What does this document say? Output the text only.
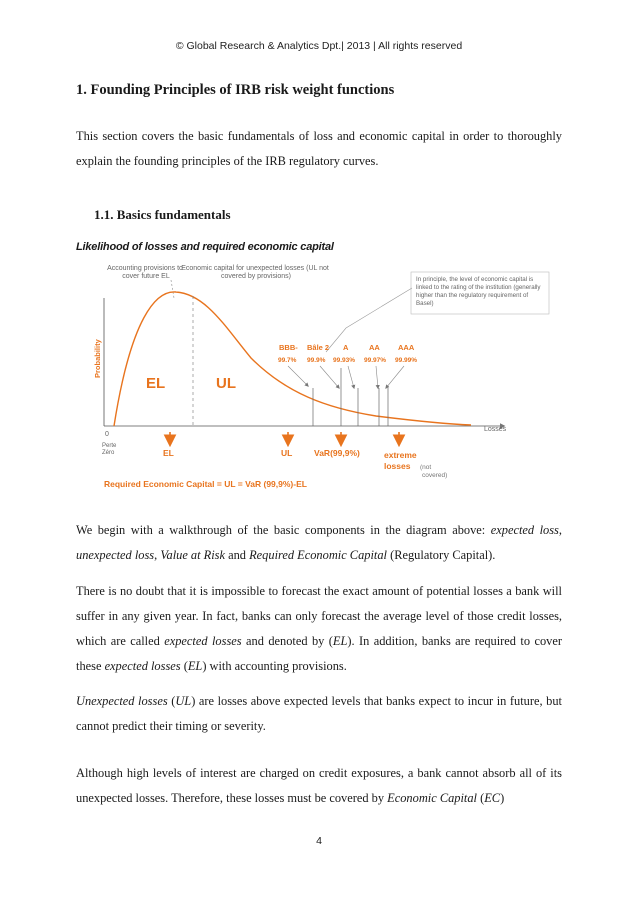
© Global Research & Analytics Dpt.| 2013 | All rights reserved
1. Founding Principles of IRB risk weight functions

This section covers the basic fundamentals of loss and economic capital in order to thoroughly explain the founding principles of the IRB regulatory curves.

1.1. Basics fundamentals
Likelihood of losses and required economic capital
Accounting provisions to cover future EL
Economic capital for unexpected losses (UL not covered by provisions)	In principle, the level of economic capital is linked to the rating of the institution (generally higher than the regulatory requirement of Basel)
Probability
Losses
0
Perte Zéro
EL	UL
BBB- Bâle 2 A	AA AAA
99.7% 99.9% 99.93% 99.97% 99.99%
EL	UL	VaR(99,9%)	extreme losses	(not covered)
Required Economic Capital = UL = VaR (99,9%)-EL

We begin with a walkthrough of the basic components in the diagram above: expected loss, unexpected loss, Value at Risk and Required Economic Capital (Regulatory Capital).

There is no doubt that it is impossible to forecast the exact amount of potential losses a bank will suffer in any given year. In fact, banks can only forecast the average level of those credit losses, which are called expected losses and denoted by (EL). In addition, banks are required to cover these expected losses (EL) with accounting provisions.

Unexpected losses (UL) are losses above expected levels that banks expect to incur in future, but cannot predict their timing or severity.

Although high levels of interest are charged on credit exposures, a bank cannot absorb all of its unexpected losses. Therefore, these losses must be covered by Economic Capital (EC)

4
